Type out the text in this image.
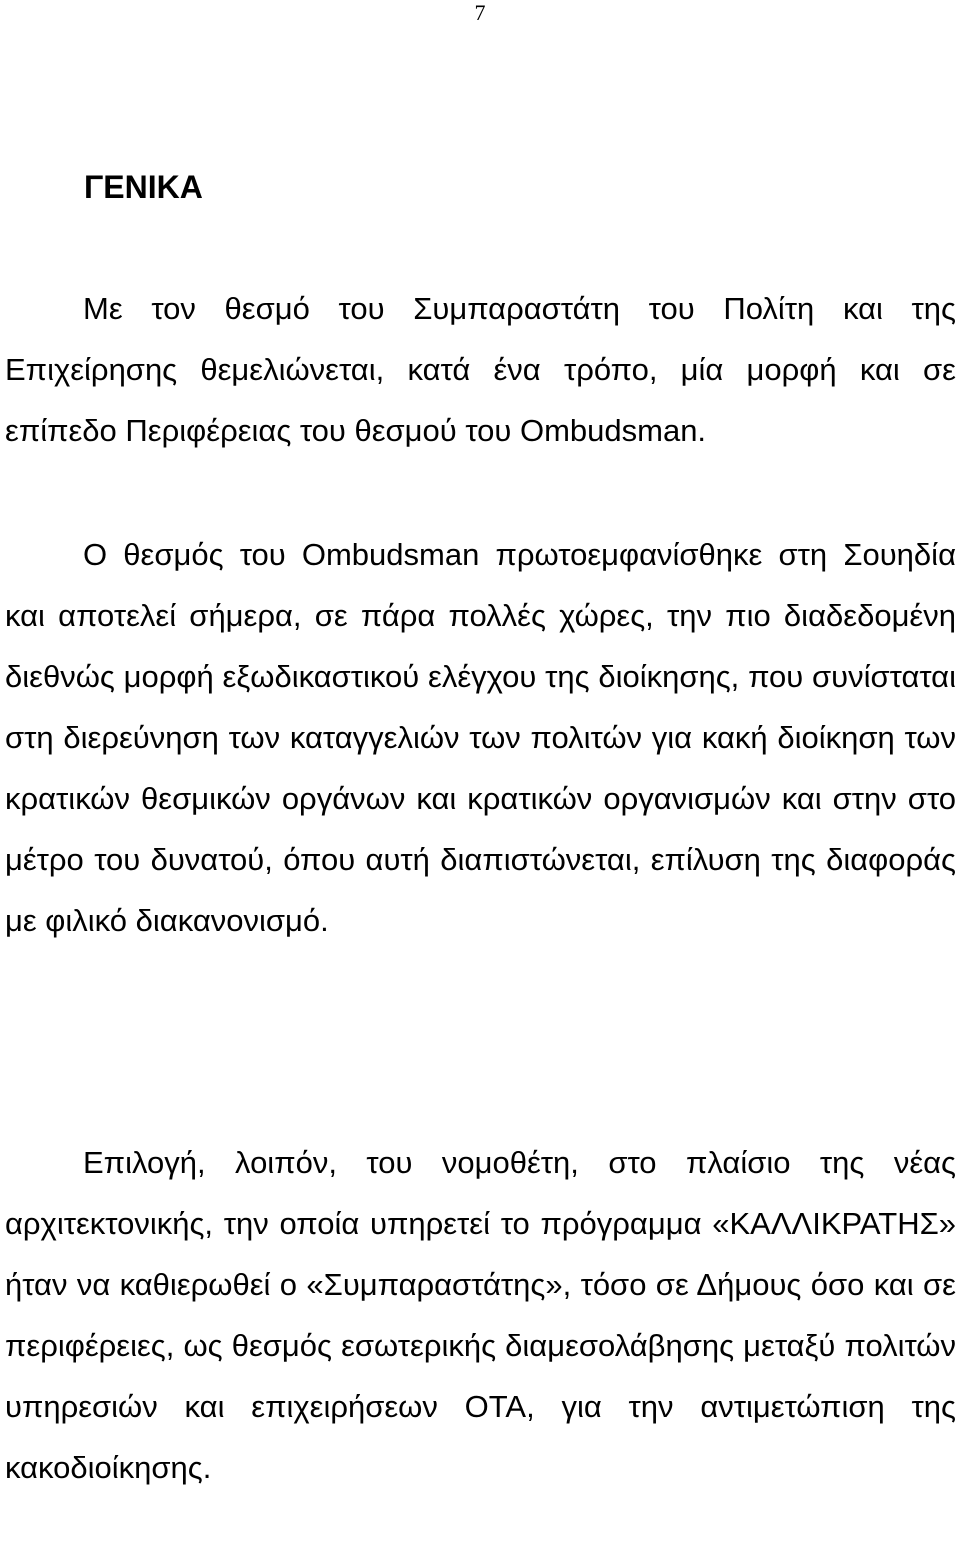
7
ΓΕΝΙΚΑ

Με τον θεσμό του Συμπαραστάτη του Πολίτη και της Επιχείρησης θεμελιώνεται, κατά ένα τρόπο, μία μορφή και σε επίπεδο Περιφέρειας του θεσμού του Ombudsman.

Ο θεσμός του Ombudsman πρωτοεμφανίσθηκε στη Σουηδία και αποτελεί σήμερα, σε πάρα πολλές χώρες, την πιο διαδεδομένη διεθνώς μορφή εξωδικαστικού ελέγχου της διοίκησης, που συνίσταται στη διερεύνηση των καταγγελιών των πολιτών για κακή διοίκηση των κρατικών θεσμικών οργάνων και κρατικών οργανισμών και στην στο μέτρο του δυνατού, όπου αυτή διαπιστώνεται, επίλυση της διαφοράς με φιλικό διακανονισμό.

Επιλογή, λοιπόν, του νομοθέτη, στο πλαίσιο της νέας αρχιτεκτονικής, την οποία υπηρετεί το πρόγραμμα «ΚΑΛΛΙΚΡΑΤΗΣ» ήταν να καθιερωθεί ο «Συμπαραστάτης», τόσο σε Δήμους όσο και σε περιφέρειες, ως θεσμός εσωτερικής διαμεσολάβησης μεταξύ πολιτών υπηρεσιών και επιχειρήσεων ΟΤΑ, για την αντιμετώπιση της κακοδιοίκησης.
